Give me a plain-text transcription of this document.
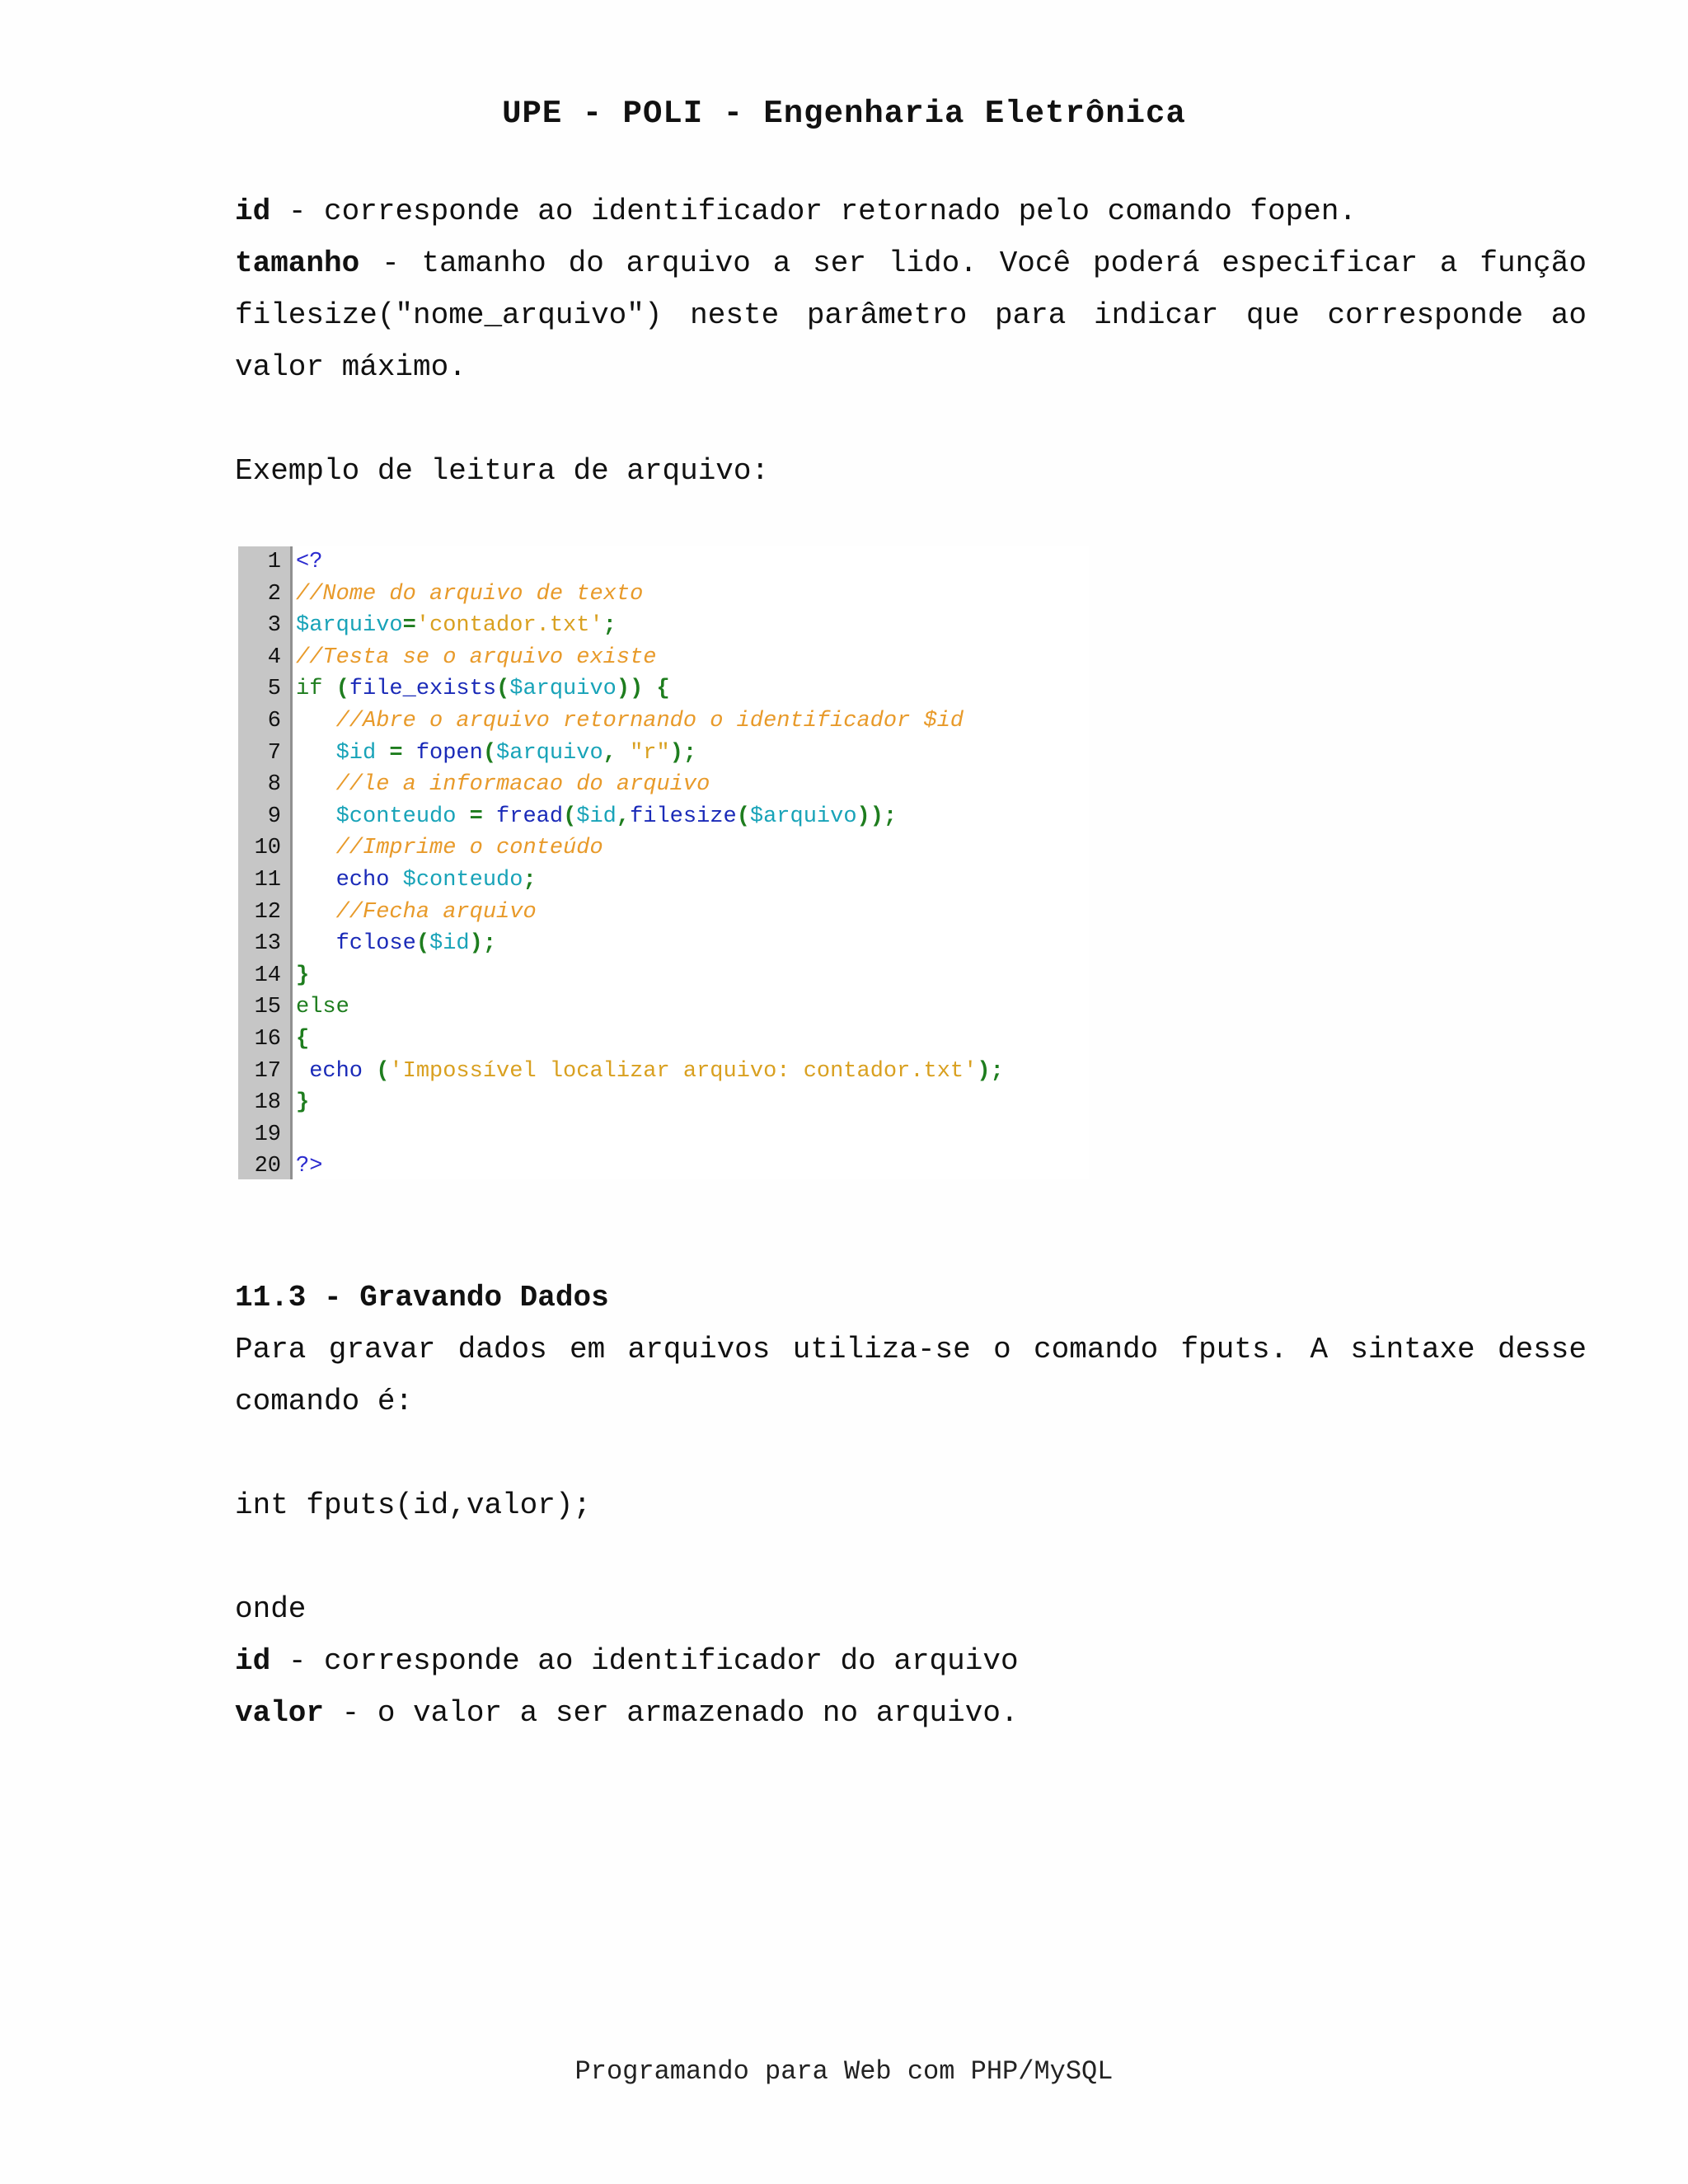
UPE - POLI - Engenharia Eletrônica
id - corresponde ao identificador retornado pelo comando fopen.
tamanho - tamanho do arquivo a ser lido. Você poderá especificar a função
filesize("nome_arquivo") neste parâmetro para indicar que corresponde ao
valor máximo.
Exemplo de leitura de arquivo:
1 <?
2 //Nome do arquivo de texto
3 $arquivo='contador.txt';
4 //Testa se o arquivo existe
5 if (file_exists($arquivo)) {
6 //Abre o arquivo retornando o identificador $id
7 $id = fopen($arquivo, "r");
8 //le a informacao do arquivo
9 $conteudo = fread($id,filesize($arquivo));
10 //Imprime o conteúdo
11 echo $conteudo;
12 //Fecha arquivo
13 fclose($id);
14 }
15 else
16 {
17 echo ('Impossível localizar arquivo: contador.txt');
18 }
19
20 ?>
11.3 - Gravando Dados
Para gravar dados em arquivos utiliza-se o comando fputs. A sintaxe desse
comando é:
int fputs(id,valor);
onde
id - corresponde ao identificador do arquivo
valor - o valor a ser armazenado no arquivo.
Programando para Web com PHP/MySQL
